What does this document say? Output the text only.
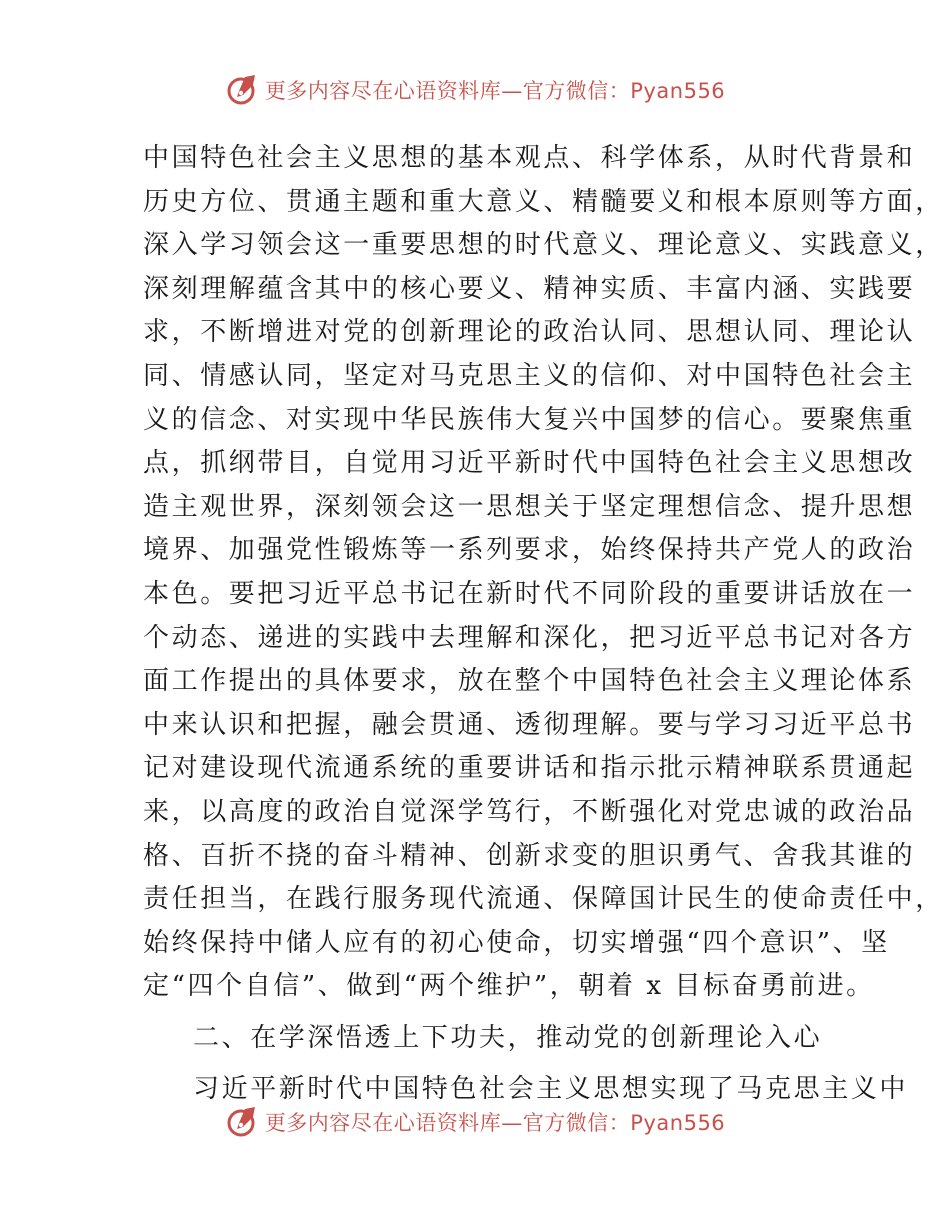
更多内容尽在心语资料库—官方微信：Pyan556
中国特色社会主义思想的基本观点、科学体系，从时代背景和
历史方位、贯通主题和重大意义、精髓要义和根本原则等方面，
深入学习领会这一重要思想的时代意义、理论意义、实践意义，
深刻理解蕴含其中的核心要义、精神实质、丰富内涵、实践要
求，不断增进对党的创新理论的政治认同、思想认同、理论认
同、情感认同，坚定对马克思主义的信仰、对中国特色社会主
义的信念、对实现中华民族伟大复兴中国梦的信心。要聚焦重
点，抓纲带目，自觉用习近平新时代中国特色社会主义思想改
造主观世界，深刻领会这一思想关于坚定理想信念、提升思想
境界、加强党性锻炼等一系列要求，始终保持共产党人的政治
本色。要把习近平总书记在新时代不同阶段的重要讲话放在一
个动态、递进的实践中去理解和深化，把习近平总书记对各方
面工作提出的具体要求，放在整个中国特色社会主义理论体系
中来认识和把握，融会贯通、透彻理解。要与学习习近平总书
记对建设现代流通系统的重要讲话和指示批示精神联系贯通起
来，以高度的政治自觉深学笃行，不断强化对党忠诚的政治品
格、百折不挠的奋斗精神、创新求变的胆识勇气、舍我其谁的
责任担当，在践行服务现代流通、保障国计民生的使命责任中，
始终保持中储人应有的初心使命，切实增强“四个意识”、坚
定“四个自信”、做到“两个维护”，朝着 x 目标奋勇前进。
二、在学深悟透上下功夫，推动党的创新理论入心
习近平新时代中国特色社会主义思想实现了马克思主义中
更多内容尽在心语资料库—官方微信：Pyan556
